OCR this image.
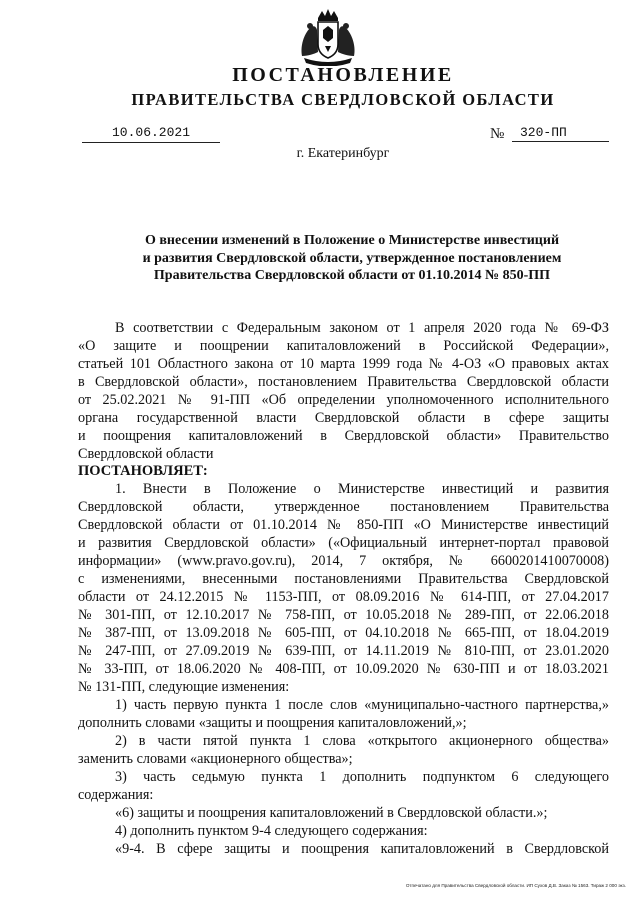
ПОСТАНОВЛЕНИЕ
ПРАВИТЕЛЬСТВА СВЕРДЛОВСКОЙ ОБЛАСТИ
10.06.2021	№	320-ПП
г. Екатеринбург
О внесении изменений в Положение о Министерстве инвестиций
и развития Свердловской области, утвержденное постановлением
Правительства Свердловской области от 01.10.2014 № 850-ПП
В соответствии с Федеральным законом от 1 апреля 2020 года № 69-ФЗ
«О защите и поощрении капиталовложений в Российской Федерации»,
статьей 101 Областного закона от 10 марта 1999 года № 4-ОЗ «О правовых актах
в Свердловской области», постановлением Правительства Свердловской области
от 25.02.2021 № 91-ПП «Об определении уполномоченного исполнительного
органа государственной власти Свердловской области в сфере защиты
и поощрения капиталовложений в Свердловской области» Правительство
Свердловской области
ПОСТАНОВЛЯЕТ:
1. Внести в Положение о Министерстве инвестиций и развития
Свердловской области, утвержденное постановлением Правительства
Свердловской области от 01.10.2014 № 850-ПП «О Министерстве инвестиций
и развития Свердловской области» («Официальный интернет-портал правовой
информации» (www.pravo.gov.ru), 2014, 7 октября, № 6600201410070008)
с изменениями, внесенными постановлениями Правительства Свердловской
области от 24.12.2015 № 1153-ПП, от 08.09.2016 № 614-ПП, от 27.04.2017
№ 301-ПП, от 12.10.2017 № 758-ПП, от 10.05.2018 № 289-ПП, от 22.06.2018
№ 387-ПП, от 13.09.2018 № 605-ПП, от 04.10.2018 № 665-ПП, от 18.04.2019
№ 247-ПП, от 27.09.2019 № 639-ПП, от 14.11.2019 № 810-ПП, от 23.01.2020
№ 33-ПП, от 18.06.2020 № 408-ПП, от 10.09.2020 № 630-ПП и от 18.03.2021
№ 131-ПП, следующие изменения:
1) часть первую пункта 1 после слов «муниципально-частного партнерства,»
дополнить словами «защиты и поощрения капиталовложений,»;
2) в части пятой пункта 1 слова «открытого акционерного общества»
заменить словами «акционерного общества»;
3) часть седьмую пункта 1 дополнить подпунктом 6 следующего
содержания:
«6) защиты и поощрения капиталовложений в Свердловской области.»;
4) дополнить пунктом 9-4 следующего содержания:
«9-4. В сфере защиты и поощрения капиталовложений в Свердловской
Отпечатано для Правительства Свердловской области. ИП Сухов Д.В. Заказ № 1563. Тираж 2 000 экз.
